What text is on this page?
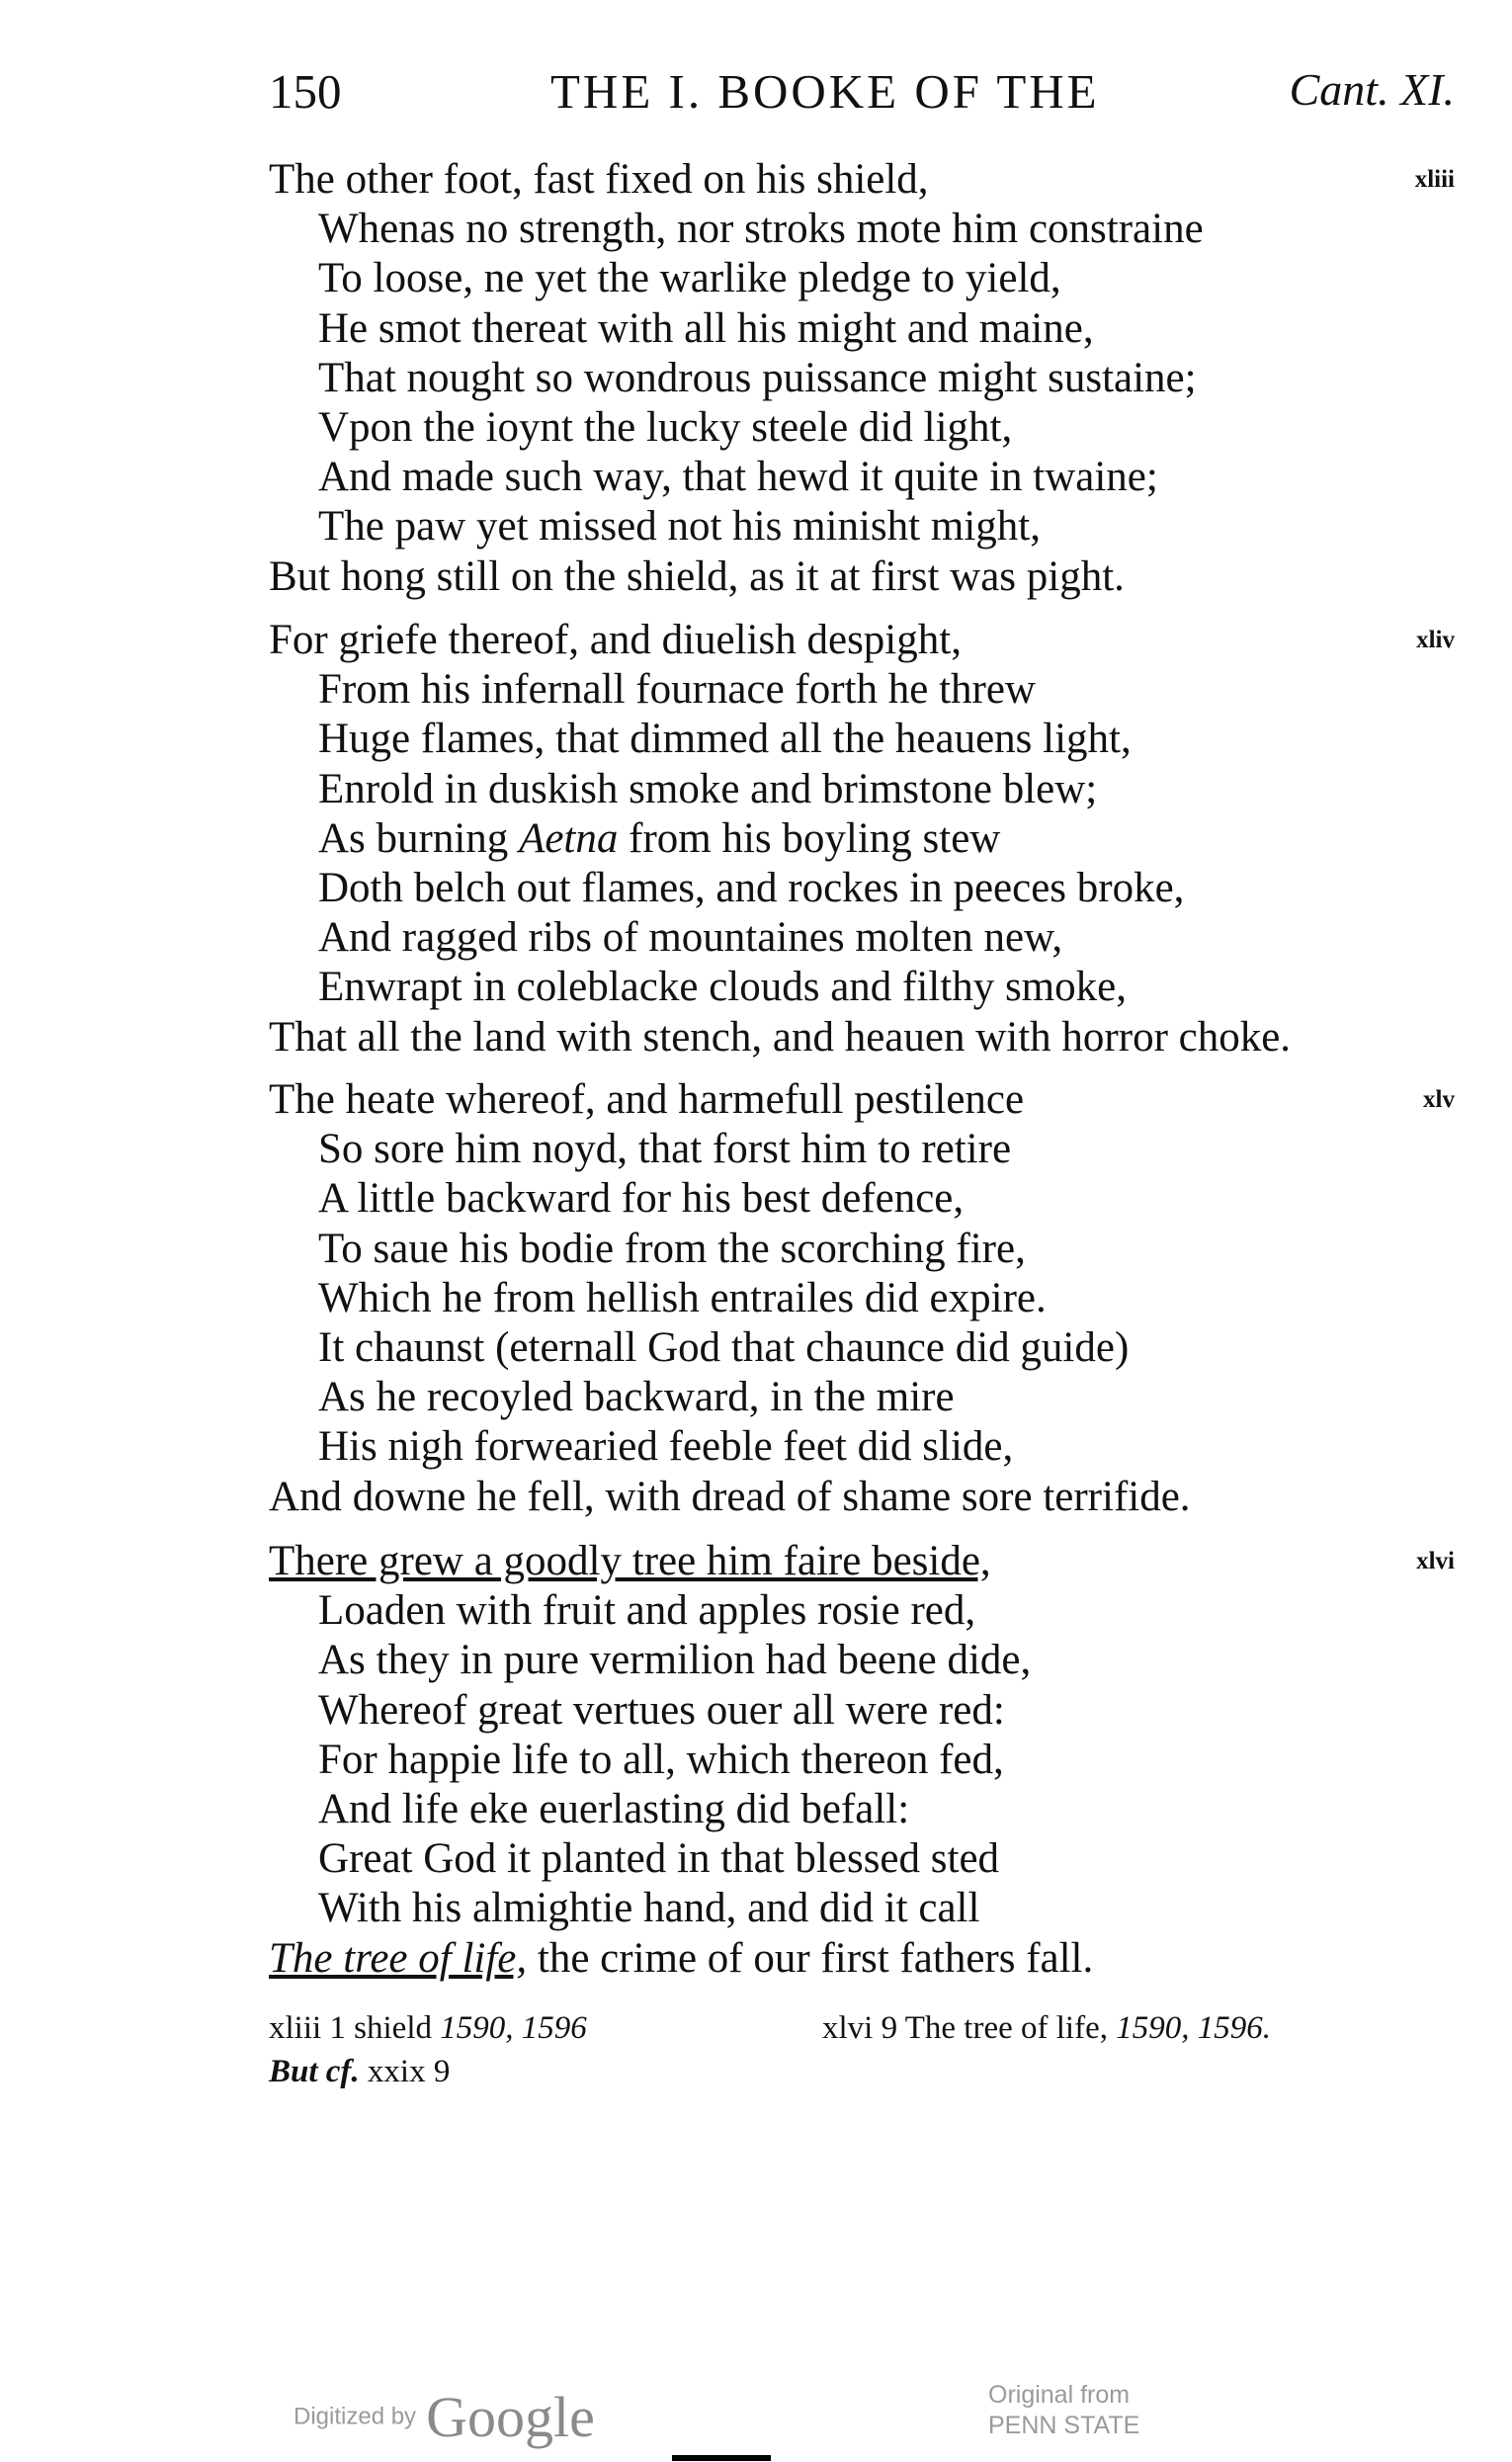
150	THE I. BOOKE OF THE	Cant. XI.
xliii
The other foot, fast fixed on his shield,
Whenas no strength, nor stroks mote him constraine
To loose, ne yet the warlike pledge to yield,
He smot thereat with all his might and maine,
That nought so wondrous puissance might sustaine;
Vpon the ioynt the lucky steele did light,
And made such way, that hewd it quite in twaine;
The paw yet missed not his minisht might,
But hong still on the shield, as it at first was pight.
xliv
For griefe thereof, and diuelish despight,
From his infernall fournace forth he threw
Huge flames, that dimmed all the heauens light,
Enrold in duskish smoke and brimstone blew;
As burning Aetna from his boyling stew
Doth belch out flames, and rockes in peeces broke,
And ragged ribs of mountaines molten new,
Enwrapt in coleblacke clouds and filthy smoke,
That all the land with stench, and heauen with horror choke.
xlv
The heate whereof, and harmefull pestilence
So sore him noyd, that forst him to retire
A little backward for his best defence,
To saue his bodie from the scorching fire,
Which he from hellish entrailes did expire.
It chaunst (eternall God that chaunce did guide)
As he recoyled backward, in the mire
His nigh forwearied feeble feet did slide,
And downe he fell, with dread of shame sore terrifide.
xlvi
There grew a goodly tree him faire beside,
Loaden with fruit and apples rosie red,
As they in pure vermilion had beene dide,
Whereof great vertues ouer all were red:
For happie life to all, which thereon fed,
And life eke euerlasting did befall:
Great God it planted in that blessed sted
With his almightie hand, and did it call
The tree of life, the crime of our first fathers fall.
xliii 1 shield 1590, 1596
But cf. xxix 9
xlvi 9 The tree of life, 1590, 1596.
Digitized by Google	Original from
PENN STATE
